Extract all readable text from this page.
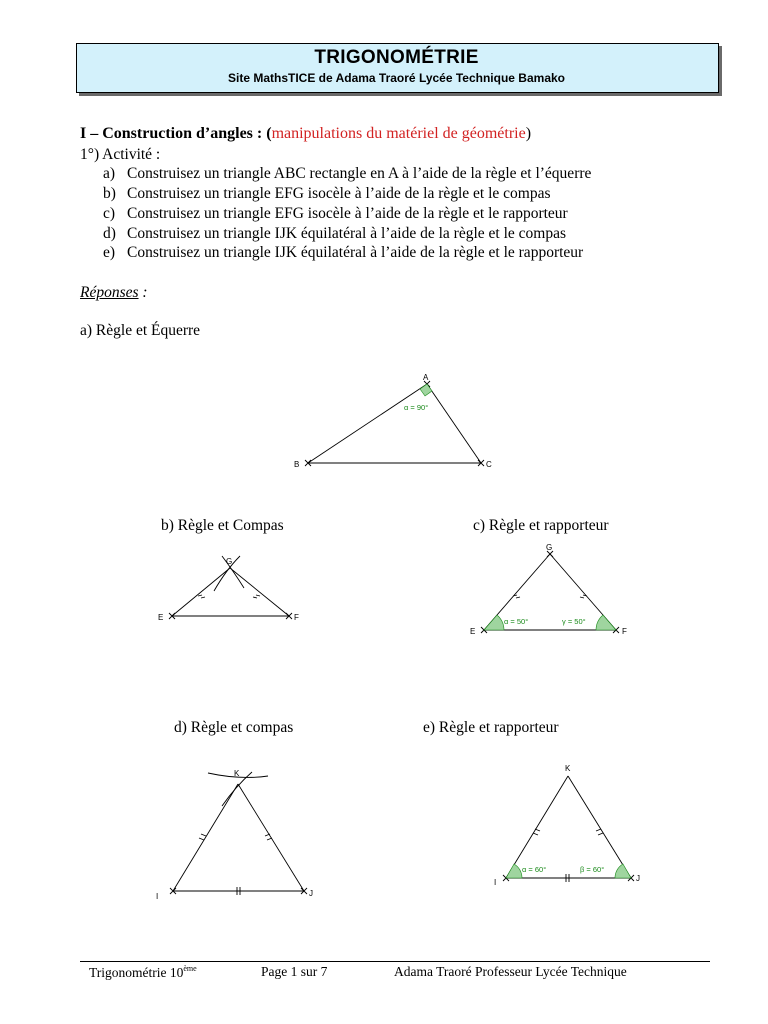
TRIGONOMÉTRIE
Site MathsTICE de Adama Traoré Lycée Technique Bamako
I – Construction d’angles : (manipulations du matériel de géométrie)
1°) Activité :
a) Construisez un triangle ABC rectangle en A à l’aide de la règle et l’équerre
b) Construisez un triangle EFG isocèle à l’aide de la règle et le compas
c) Construisez un triangle EFG isocèle à l’aide de la règle et le rapporteur
d) Construisez un triangle IJK équilatéral à l’aide de la règle et le compas
e) Construisez un triangle IJK équilatéral à l’aide de la règle et le rapporteur
Réponses :
a) Règle et Équerre
b) Règle et Compas	c) Règle et rapporteur
d) Règle et compas	e) Règle et rapporteur
A
B	C
α = 90°
E	F
G
E	F
G
α = 50°	γ = 50°
I	J
K
I	J
K
α = 60°	β = 60°
Trigonométrie 10ème	Page 1 sur 7	Adama Traoré Professeur Lycée Technique
